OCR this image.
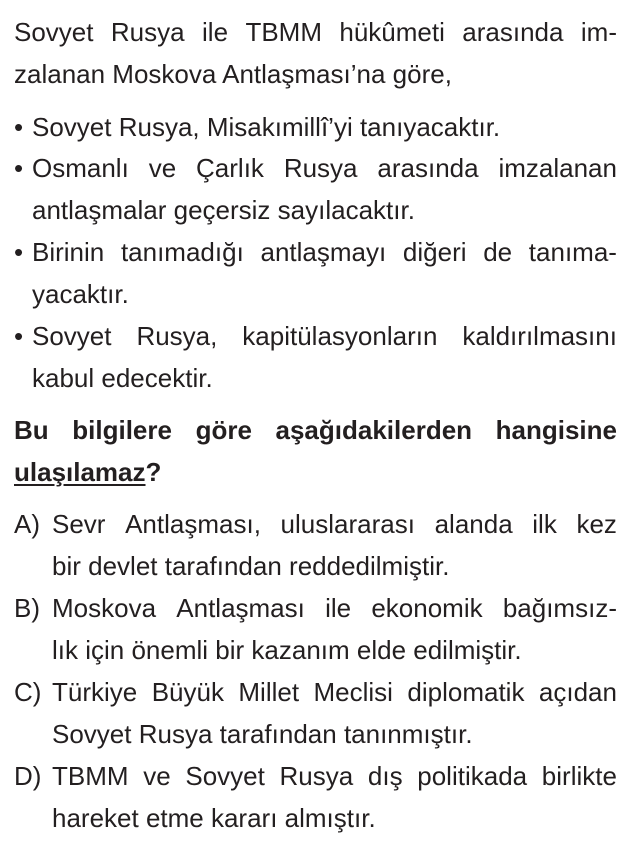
Sovyet Rusya ile TBMM hükûmeti arasında im-
zalanan Moskova Antlaşması’na göre,
• Sovyet Rusya, Misakımillî’yi tanıyacaktır.
• Osmanlı ve Çarlık Rusya arasında imzalanan
antlaşmalar geçersiz sayılacaktır.
• Birinin tanımadığı antlaşmayı diğeri de tanıma-
yacaktır.
• Sovyet Rusya, kapitülasyonların kaldırılmasını
kabul edecektir.
Bu bilgilere göre aşağıdakilerden hangisine
ulaşılamaz?
A) Sevr Antlaşması, uluslararası alanda ilk kez
bir devlet tarafından reddedilmiştir.
B) Moskova Antlaşması ile ekonomik bağımsız-
lık için önemli bir kazanım elde edilmiştir.
C) Türkiye Büyük Millet Meclisi diplomatik açıdan
Sovyet Rusya tarafından tanınmıştır.
D) TBMM ve Sovyet Rusya dış politikada birlikte
hareket etme kararı almıştır.
